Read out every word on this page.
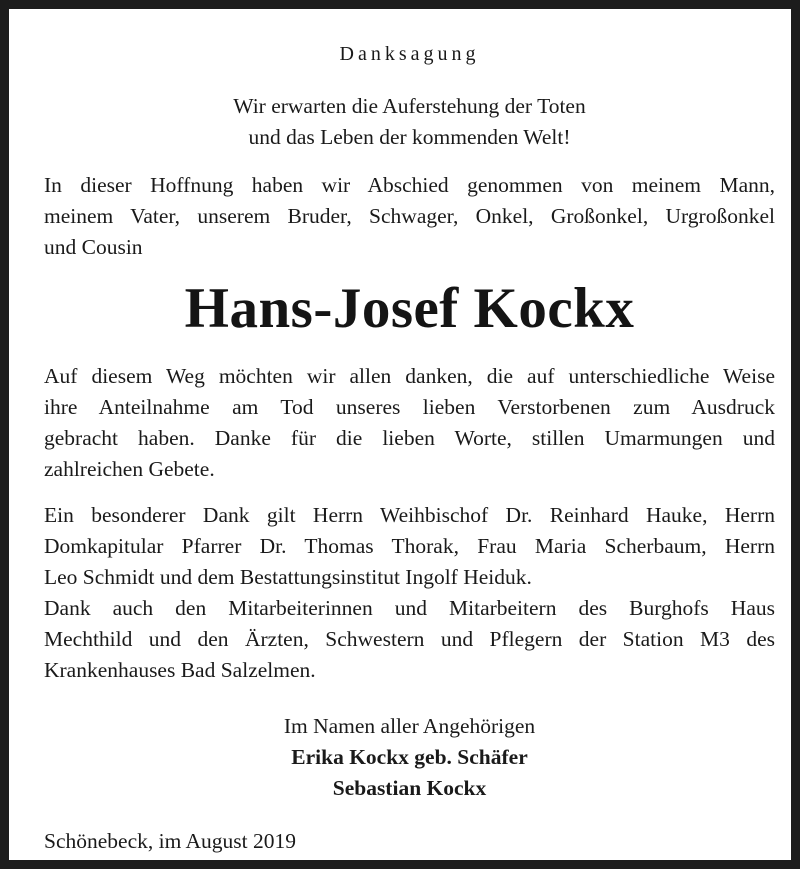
Danksagung

Wir erwarten die Auferstehung der Toten
und das Leben der kommenden Welt!

In dieser Hoffnung haben wir Abschied genommen von meinem Mann,
meinem Vater, unserem Bruder, Schwager, Onkel, Großonkel, Urgroßonkel
und Cousin

Hans-Josef Kockx

Auf diesem Weg möchten wir allen danken, die auf unterschiedliche Weise
ihre Anteilnahme am Tod unseres lieben Verstorbenen zum Ausdruck
gebracht haben. Danke für die lieben Worte, stillen Umarmungen und
zahlreichen Gebete.

Ein besonderer Dank gilt Herrn Weihbischof Dr. Reinhard Hauke, Herrn
Domkapitular Pfarrer Dr. Thomas Thorak, Frau Maria Scherbaum, Herrn
Leo Schmidt und dem Bestattungsinstitut Ingolf Heiduk.

Dank auch den Mitarbeiterinnen und Mitarbeitern des Burghofs Haus
Mechthild und den Ärzten, Schwestern und Pflegern der Station M3 des
Krankenhauses Bad Salzelmen.

Im Namen aller Angehörigen
Erika Kockx geb. Schäfer
Sebastian Kockx

Schönebeck, im August 2019
